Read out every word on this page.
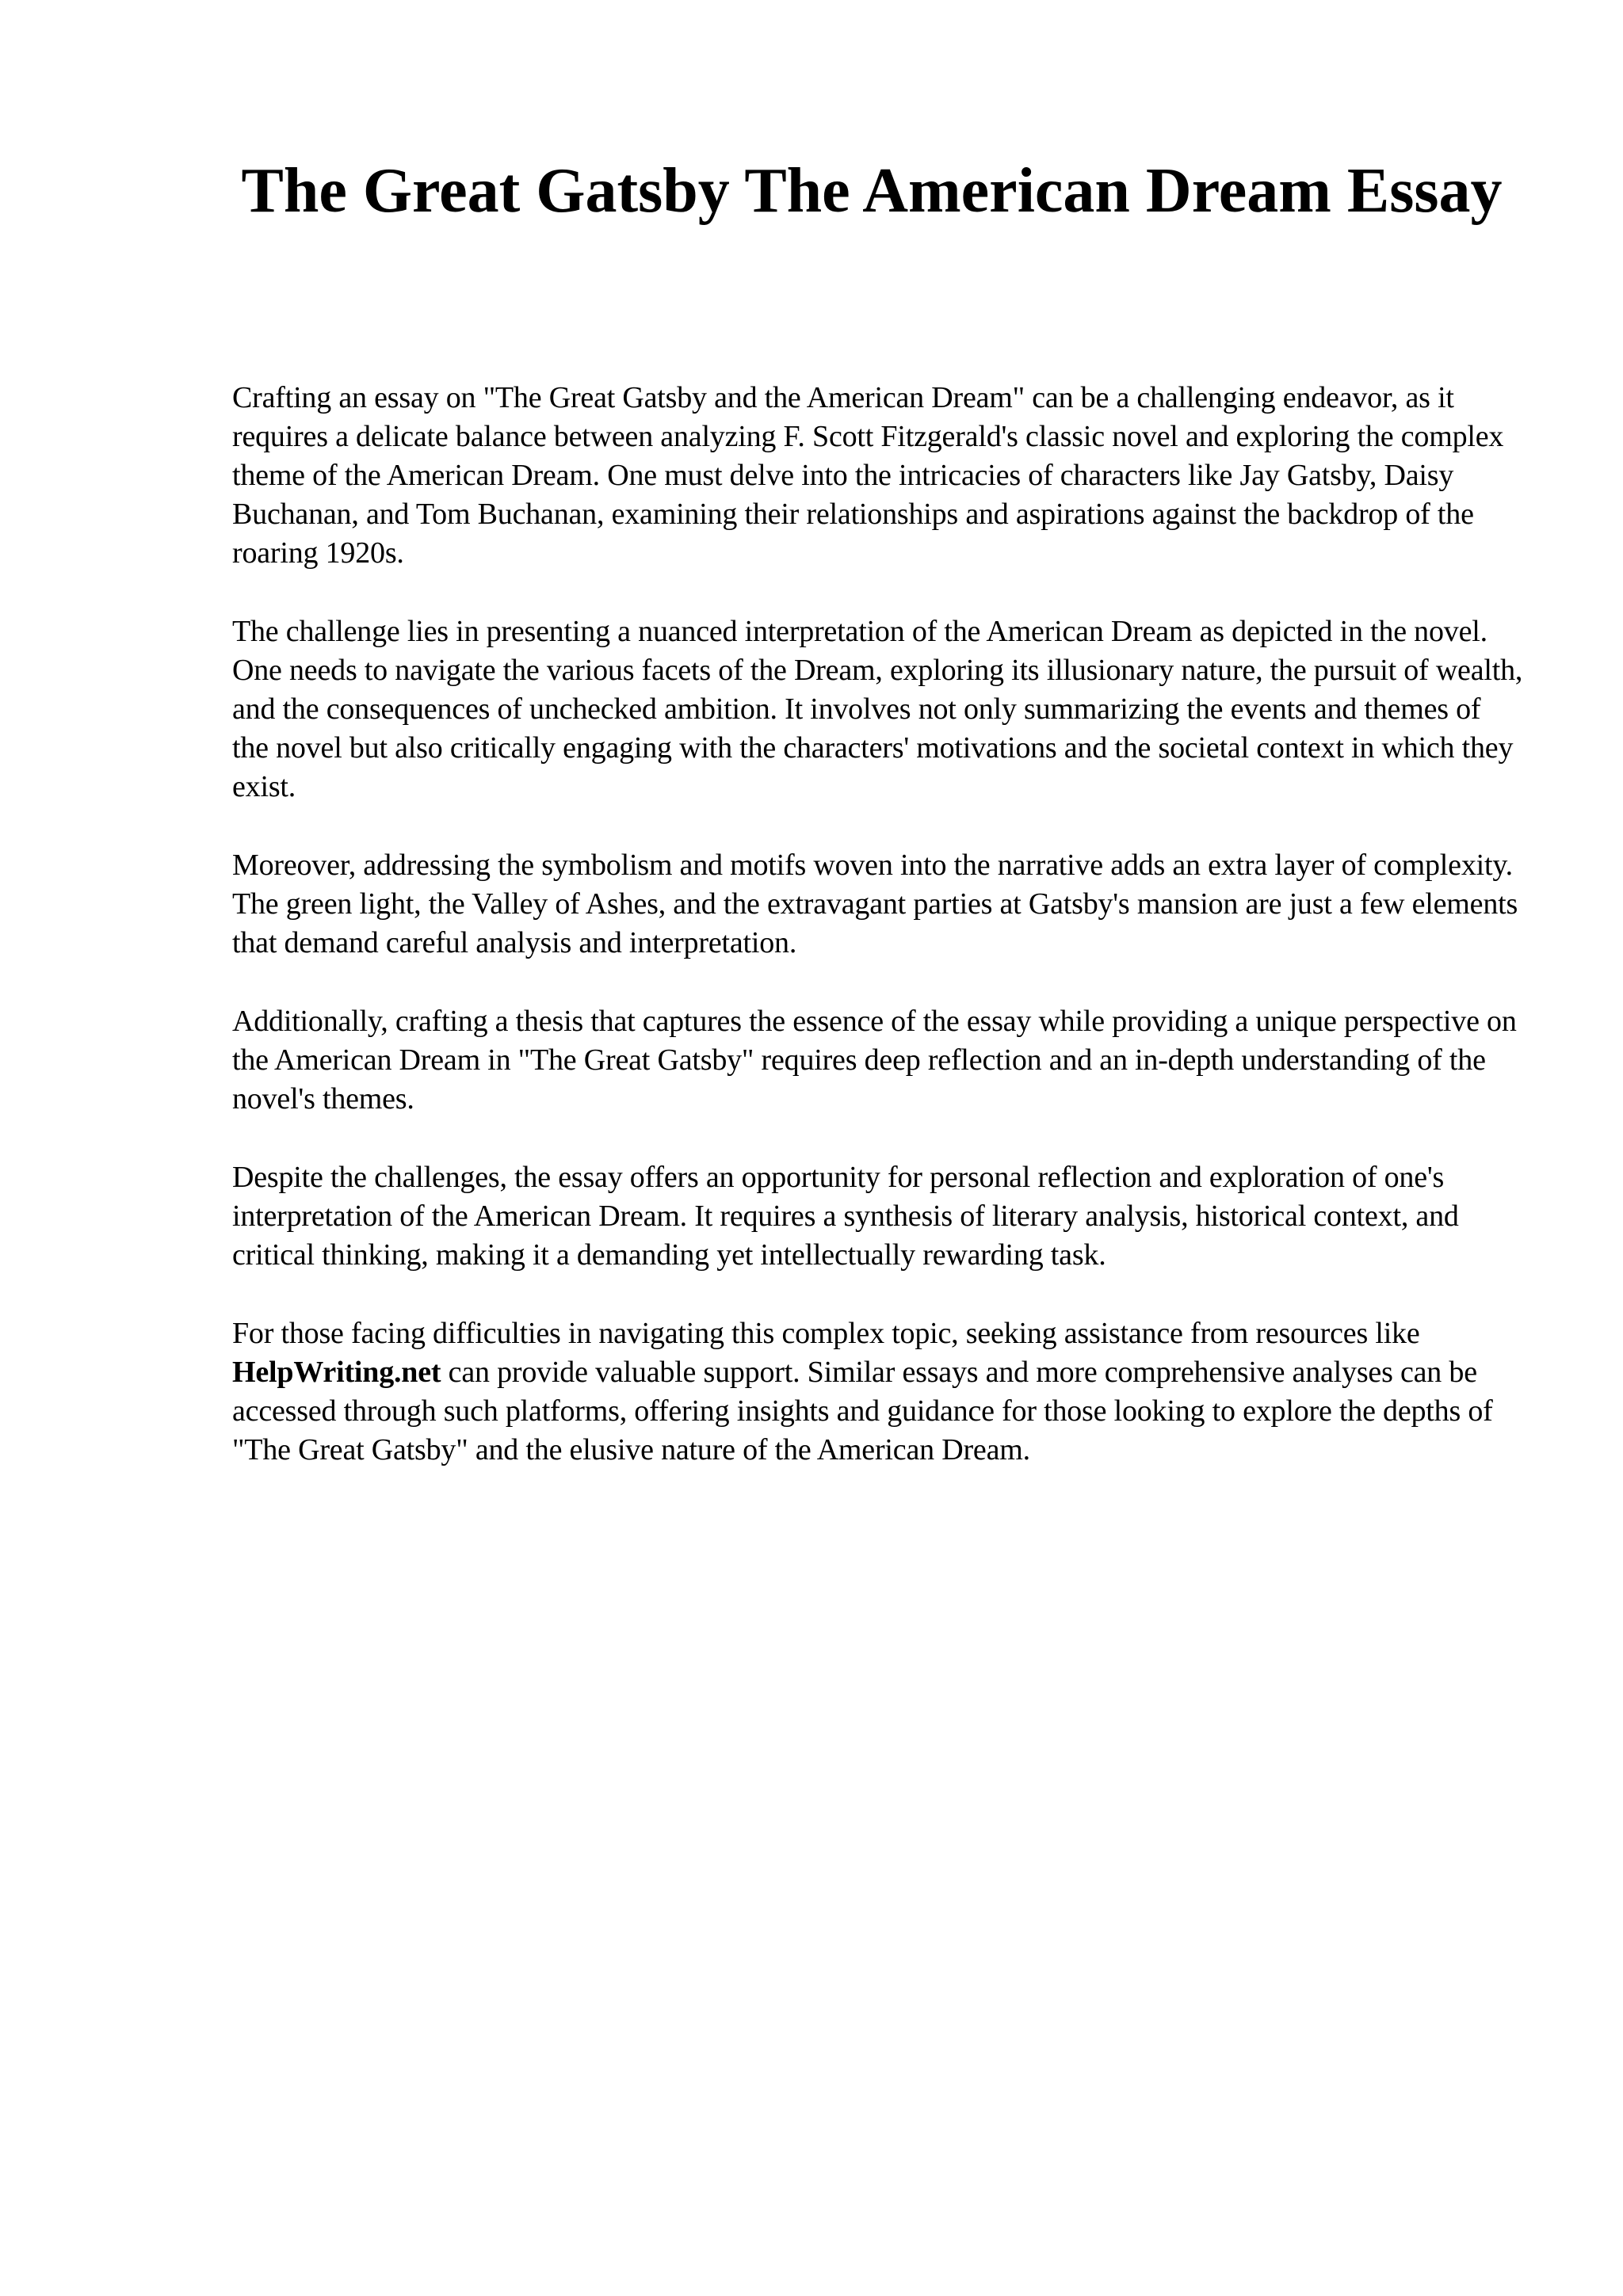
The Great Gatsby The American Dream Essay

Crafting an essay on "The Great Gatsby and the American Dream" can be a challenging endeavor, as it requires a delicate balance between analyzing F. Scott Fitzgerald's classic novel and exploring the complex theme of the American Dream. One must delve into the intricacies of characters like Jay Gatsby, Daisy Buchanan, and Tom Buchanan, examining their relationships and aspirations against the backdrop of the roaring 1920s.

The challenge lies in presenting a nuanced interpretation of the American Dream as depicted in the novel. One needs to navigate the various facets of the Dream, exploring its illusionary nature, the pursuit of wealth, and the consequences of unchecked ambition. It involves not only summarizing the events and themes of the novel but also critically engaging with the characters' motivations and the societal context in which they exist.

Moreover, addressing the symbolism and motifs woven into the narrative adds an extra layer of complexity. The green light, the Valley of Ashes, and the extravagant parties at Gatsby's mansion are just a few elements that demand careful analysis and interpretation.

Additionally, crafting a thesis that captures the essence of the essay while providing a unique perspective on the American Dream in "The Great Gatsby" requires deep reflection and an in-depth understanding of the novel's themes.

Despite the challenges, the essay offers an opportunity for personal reflection and exploration of one's interpretation of the American Dream. It requires a synthesis of literary analysis, historical context, and critical thinking, making it a demanding yet intellectually rewarding task.

For those facing difficulties in navigating this complex topic, seeking assistance from resources like HelpWriting.net can provide valuable support. Similar essays and more comprehensive analyses can be accessed through such platforms, offering insights and guidance for those looking to explore the depths of "The Great Gatsby" and the elusive nature of the American Dream.
